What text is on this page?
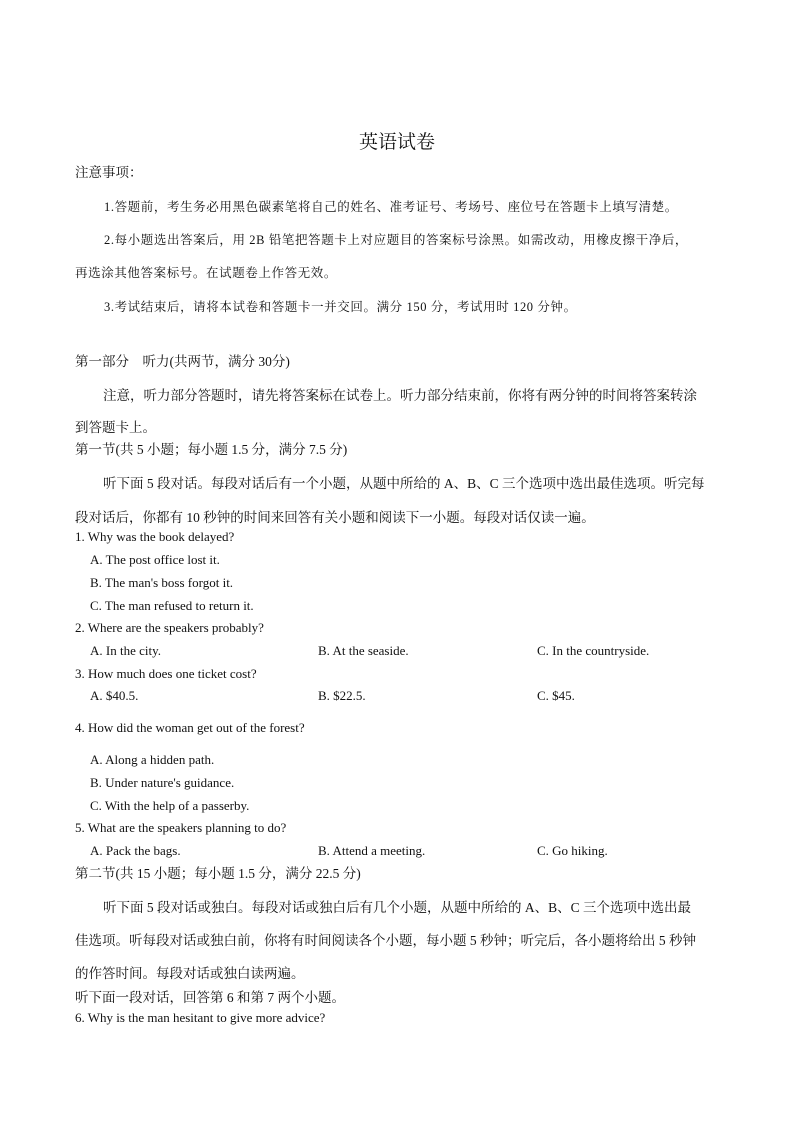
英语试卷
注意事项：
1.答题前，考生务必用黑色碳素笔将自己的姓名、准考证号、考场号、座位号在答题卡上填写清楚。
2.每小题选出答案后，用 2B 铅笔把答题卡上对应题目的答案标号涂黑。如需改动，用橡皮擦干净后，
再选涂其他答案标号。在试题卷上作答无效。
3.考试结束后，请将本试卷和答题卡一并交回。满分 150 分，考试用时 120 分钟。
第一部分　听力(共两节，满分 30分)
注意，听力部分答题时，请先将答案标在试卷上。听力部分结束前，你将有两分钟的时间将答案转涂
到答题卡上。
第一节(共 5 小题；每小题 1.5 分，满分 7.5 分)
听下面 5 段对话。每段对话后有一个小题，从题中所给的 A、B、C 三个选项中选出最佳选项。听完每
段对话后，你都有 10 秒钟的时间来回答有关小题和阅读下一小题。每段对话仅读一遍。
1. Why was the book delayed?
A. The post office lost it.
B. The man's boss forgot it.
C. The man refused to return it.
2. Where are the speakers probably?
A. In the city.	B. At the seaside.	C. In the countryside.
3. How much does one ticket cost?
A. $40.5.	B. $22.5.	C. $45.
4. How did the woman get out of the forest?
A. Along a hidden path.
B. Under nature's guidance.
C. With the help of a passerby.
5. What are the speakers planning to do?
A. Pack the bags.	B. Attend a meeting.	C. Go hiking.
第二节(共 15 小题；每小题 1.5 分，满分 22.5 分)
听下面 5 段对话或独白。每段对话或独白后有几个小题，从题中所给的 A、B、C 三个选项中选出最
佳选项。听每段对话或独白前，你将有时间阅读各个小题，每小题 5 秒钟；听完后，各小题将给出 5 秒钟
的作答时间。每段对话或独白读两遍。
听下面一段对话，回答第 6 和第 7 两个小题。
6. Why is the man hesitant to give more advice?
